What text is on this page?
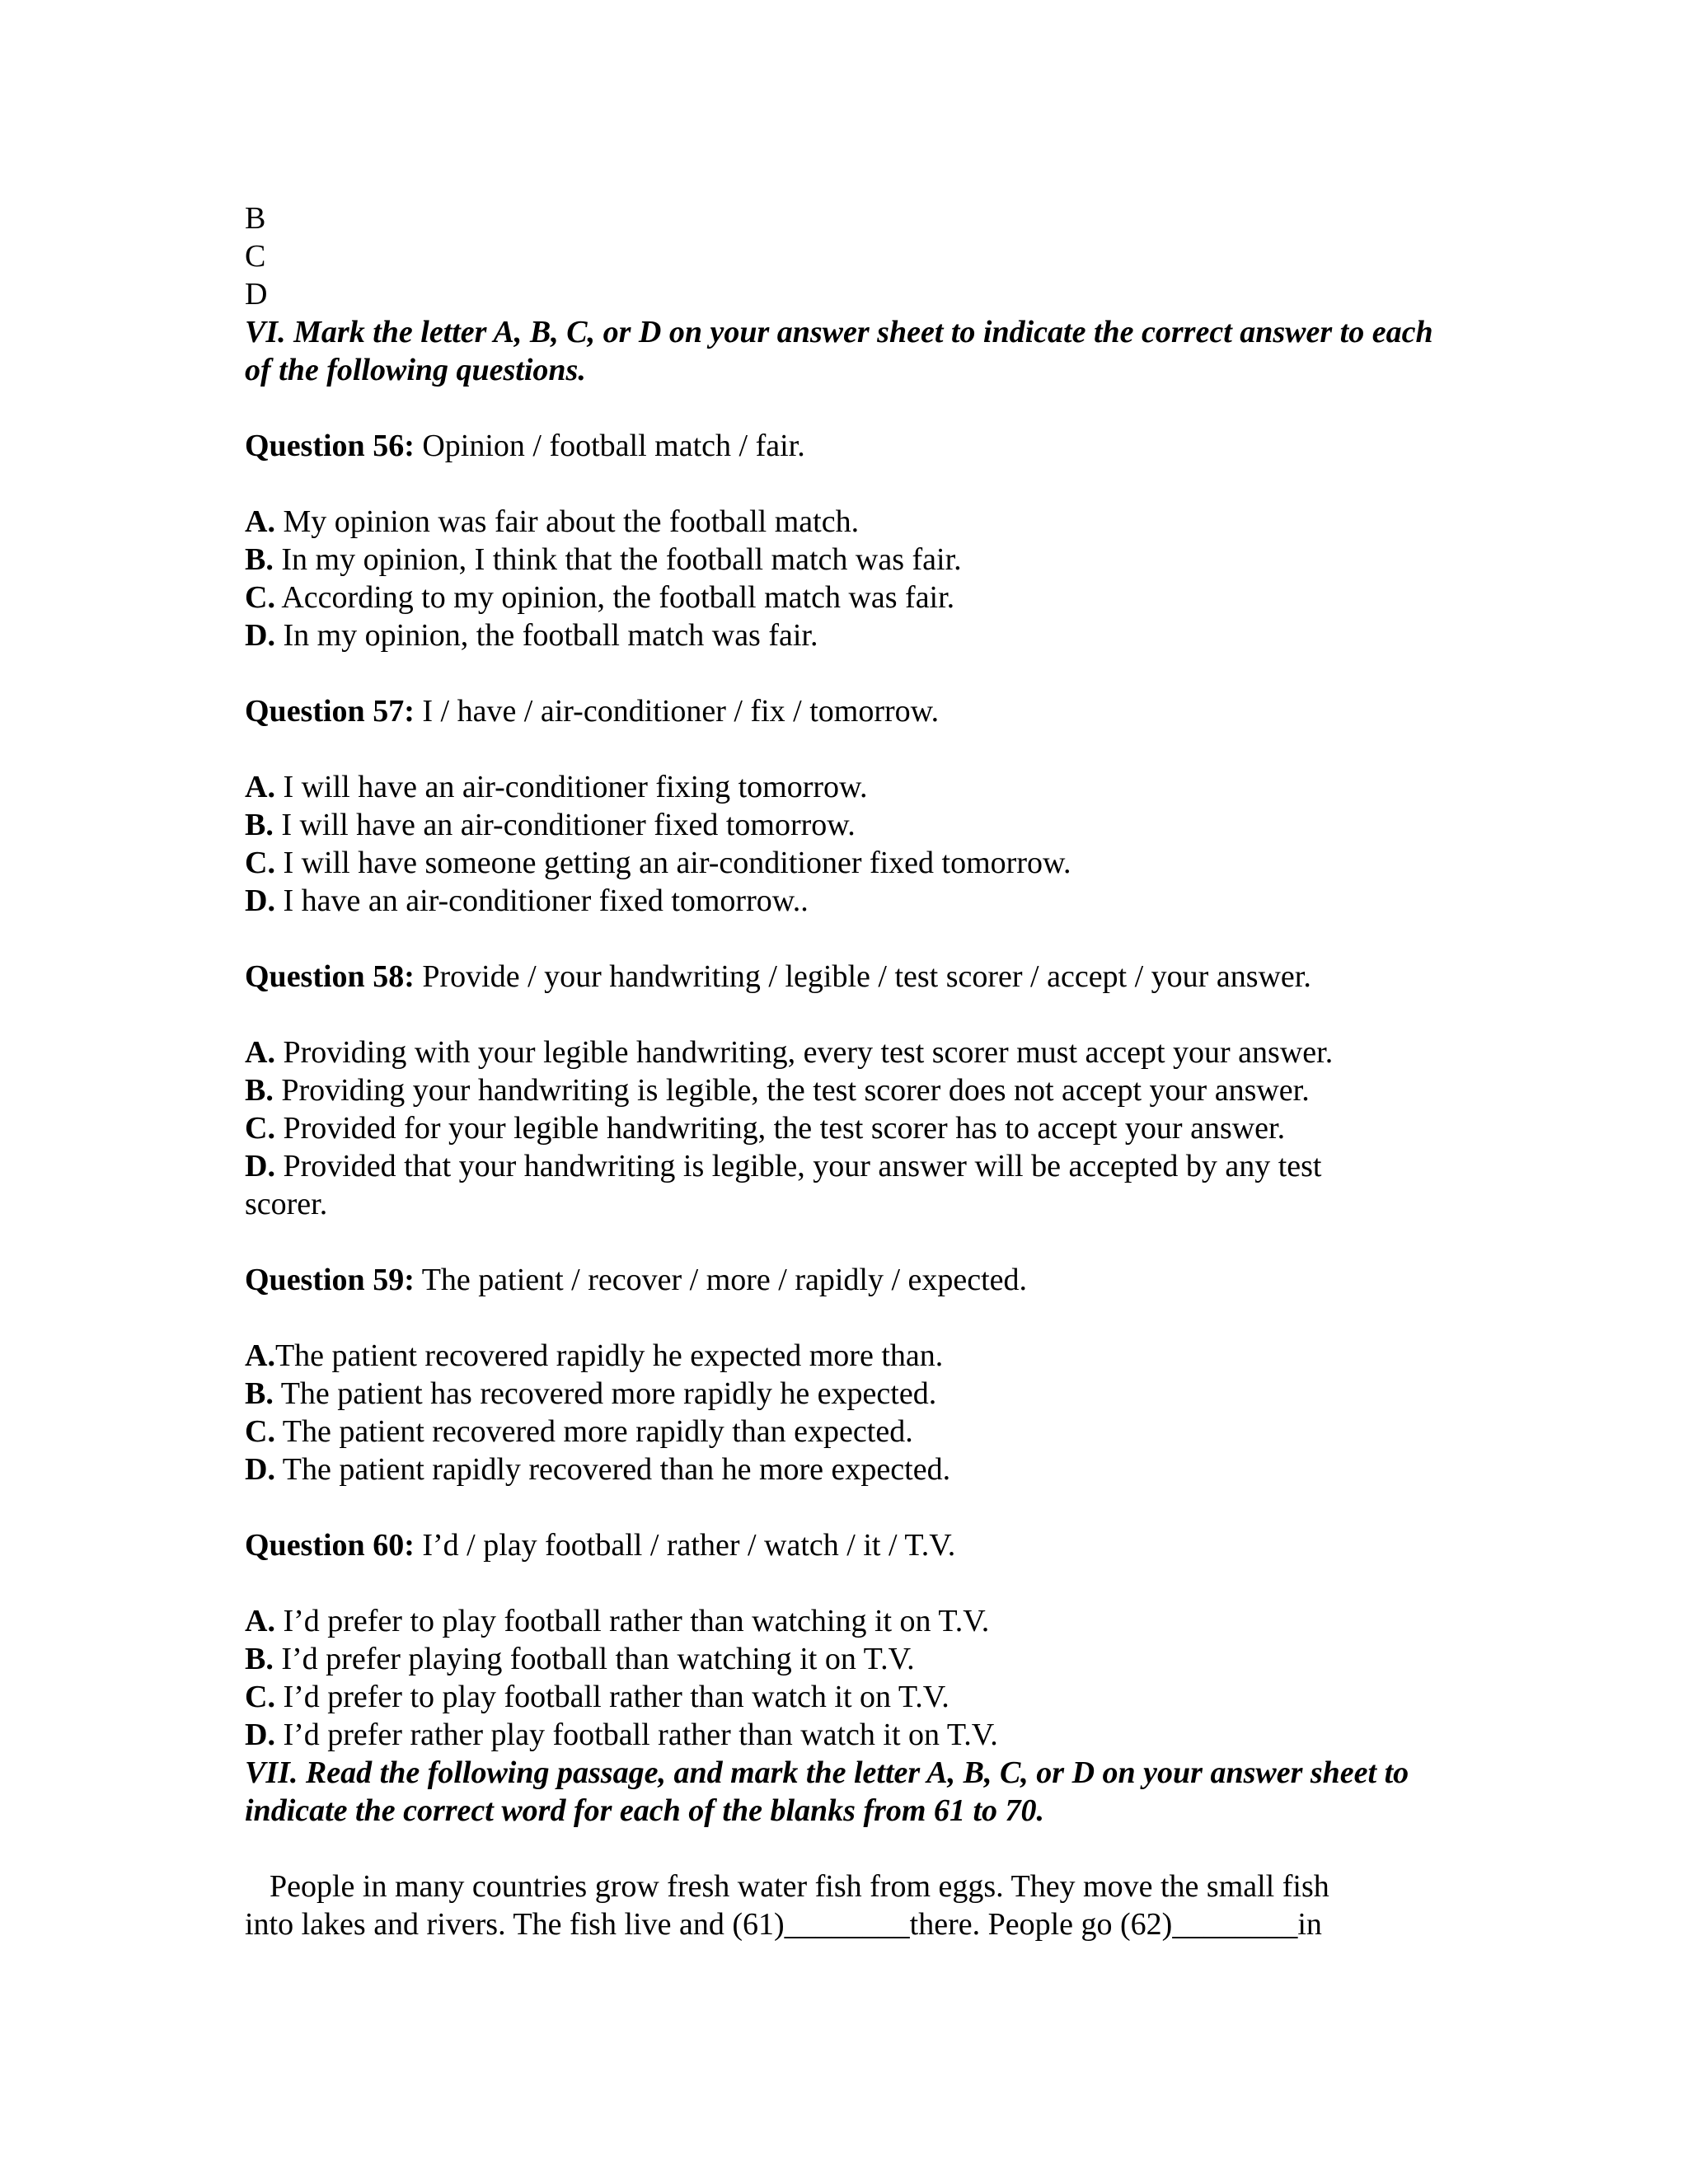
B
C
D
VI. Mark the letter A, B, C, or D on your answer sheet to indicate the correct answer to each of the following questions.
Question 56: Opinion / football match / fair.
A. My opinion was fair about the football match.
B. In my opinion, I think that the football match was fair.
C. According to my opinion, the football match was fair.
D. In my opinion, the football match was fair.
Question 57: I / have / air-conditioner / fix / tomorrow.
A. I will have an air-conditioner fixing tomorrow.
B. I will have an air-conditioner fixed tomorrow.
C. I will have someone getting an air-conditioner fixed tomorrow.
D. I have an air-conditioner fixed tomorrow..
Question 58: Provide / your handwriting / legible / test scorer / accept / your answer.
A. Providing with your legible handwriting, every test scorer must accept your answer.
B. Providing your handwriting is legible, the test scorer does not accept your answer.
C. Provided for your legible handwriting, the test scorer has to accept your answer.
D. Provided that your handwriting is legible, your answer will be accepted by any test scorer.
Question 59: The patient / recover / more / rapidly / expected.
A.The patient recovered rapidly he expected more than.
B. The patient has recovered more rapidly he expected.
C. The patient recovered more rapidly than expected.
D. The patient rapidly recovered than he more expected.
Question 60: I’d / play football / rather / watch / it / T.V.
A. I’d prefer to play football rather than watching it on T.V.
B. I’d prefer playing football than watching it on T.V.
C. I’d prefer to play football rather than watch it on T.V.
D. I’d prefer rather play football rather than watch it on T.V.
VII. Read the following passage, and mark the letter A, B, C, or D on your answer sheet to indicate the correct word for each of the blanks from 61 to 70.
People in many countries grow fresh water fish from eggs. They move the small fish
into lakes and rivers. The fish live and (61)________there. People go (62)________in
